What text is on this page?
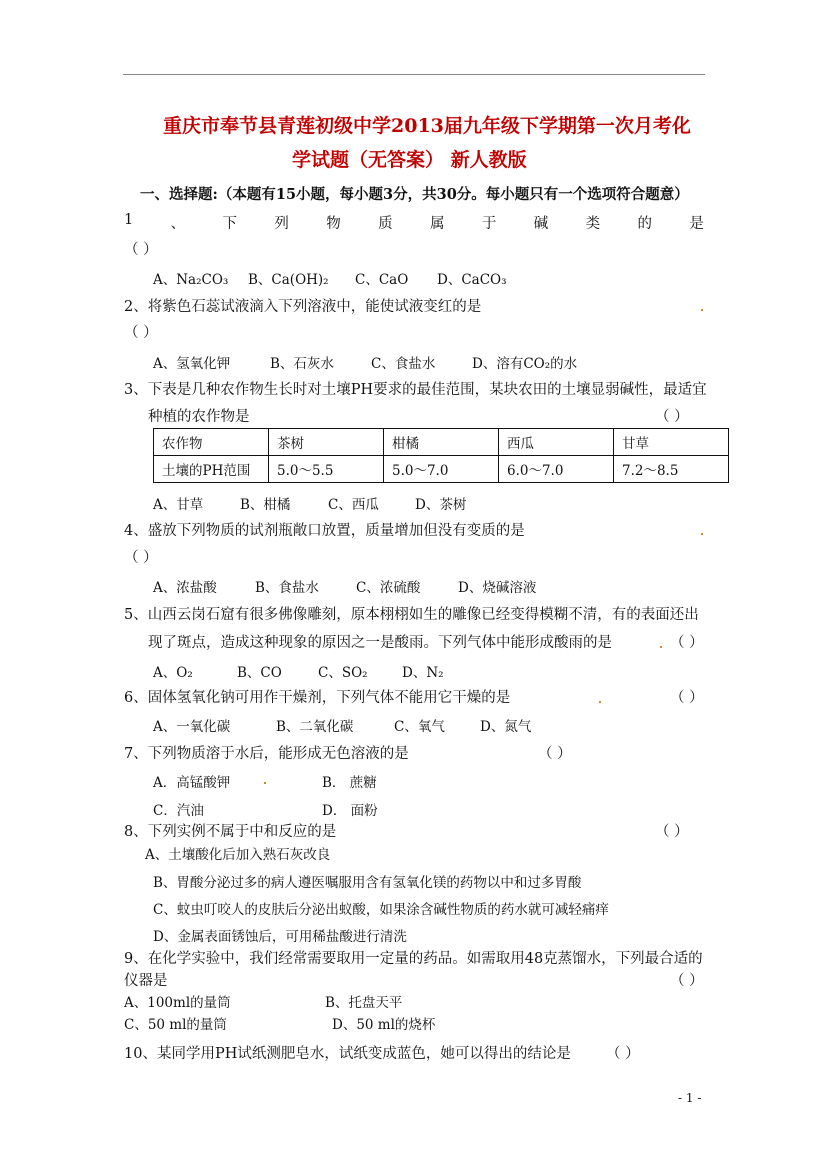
重庆市奉节县青莲初级中学2013届九年级下学期第一次月考化
学试题（无答案） 新人教版
一、选择题:（本题有15小题，每小题3分，共30分。每小题只有一个选项符合题意）
1	、	下	列	物	质	属	于	碱	类	的	是
（ ）
A、Na₂CO₃ B、Ca(OH)₂ C、CaO D、CaCO₃
2、将紫色石蕊试液滴入下列溶液中，能使试液变红的是
（ ）
A、氢氧化钾	B、石灰水	C、食盐水	D、溶有CO₂的水
3、下表是几种农作物生长时对土壤PH要求的最佳范围，某块农田的土壤显弱碱性，最适宜
种植的农作物是	（ ）
农作物	茶树	柑橘	西瓜	甘草
土壤的PH范围	5.0～5.5	5.0～7.0	6.0～7.0	7.2～8.5
A、甘草	B、柑橘	C、西瓜	D、茶树
4、盛放下列物质的试剂瓶敞口放置，质量增加但没有变质的是
（ ）
A、浓盐酸	B、食盐水	C、浓硫酸	D、烧碱溶液
5、山西云岗石窟有很多佛像雕刻，原本栩栩如生的雕像已经变得模糊不清，有的表面还出
现了斑点，造成这种现象的原因之一是酸雨。下列气体中能形成酸雨的是	（ ）
A、O₂	B、CO	C、SO₂	D、N₂
6、固体氢氧化钠可用作干燥剂，下列气体不能用它干燥的是	（ ）
A、一氧化碳	B、二氧化碳	C、氧气	D、氮气
7、下列物质溶于水后，能形成无色溶液的是	（ ）
A．高锰酸钾	B． 蔗糖
C．汽油	D． 面粉
8、下列实例不属于中和反应的是	（ ）
A、土壤酸化后加入熟石灰改良
B、胃酸分泌过多的病人遵医嘱服用含有氢氧化镁的药物以中和过多胃酸
C、蚊虫叮咬人的皮肤后分泌出蚁酸，如果涂含碱性物质的药水就可减轻痛痒
D、金属表面锈蚀后，可用稀盐酸进行清洗
9、在化学实验中，我们经常需要取用一定量的药品。如需取用48克蒸馏水，下列最合适的
仪器是	（ ）
A、100ml的量筒	B、托盘天平
C、50 ml的量筒	D、50 ml的烧杯
10、某同学用PH试纸测肥皂水，试纸变成蓝色，她可以得出的结论是 （ ）
- 1 -
